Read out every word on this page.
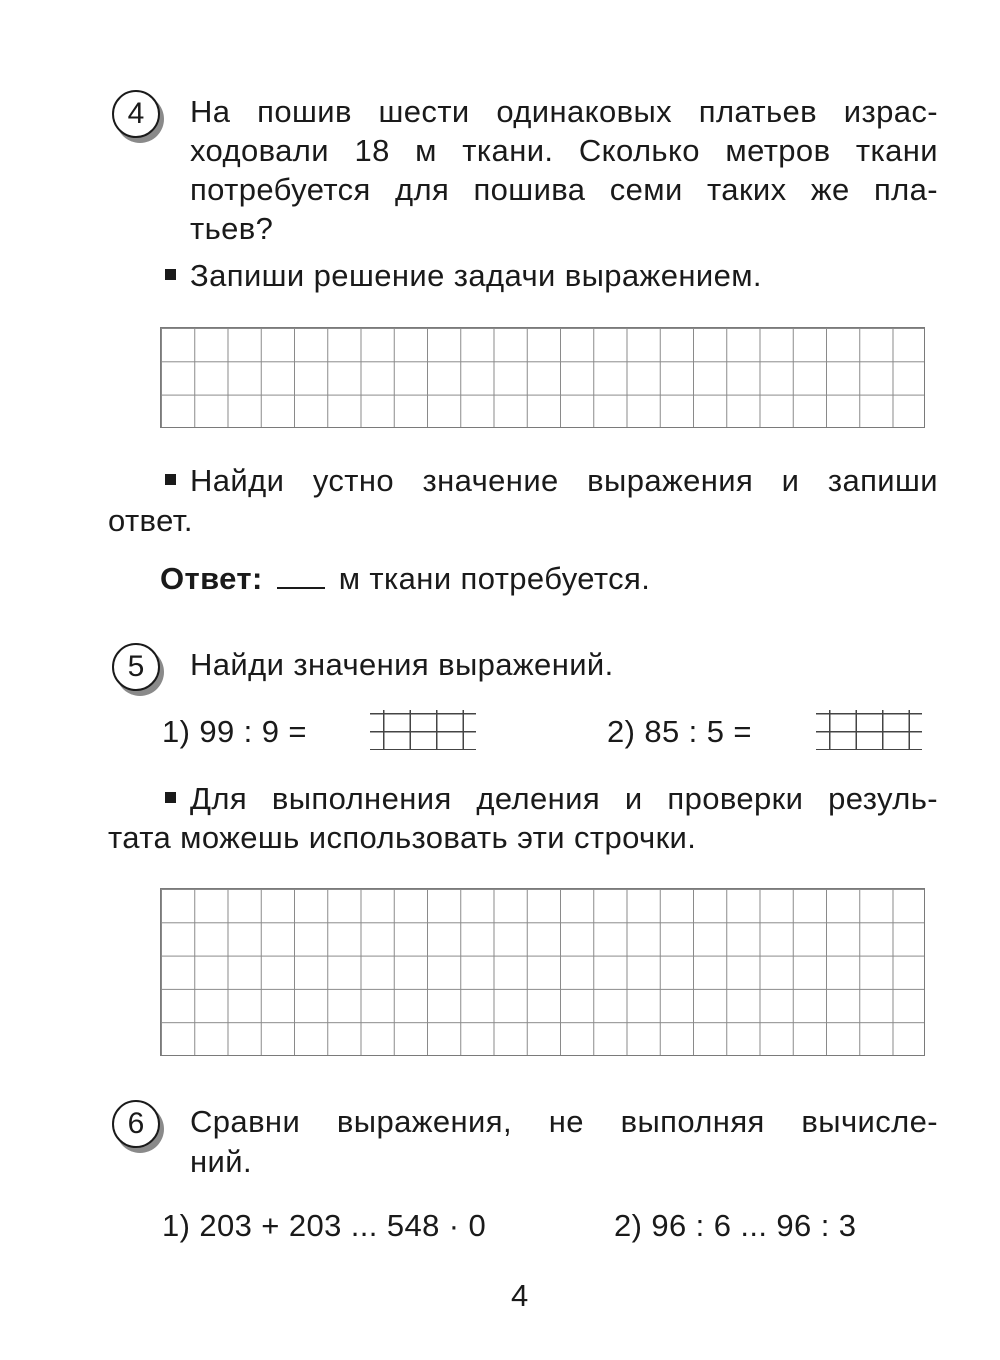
4	На пошив шести одинаковых платьев израс-
ходовали 18 м ткани. Сколько метров ткани
потребуется для пошива семи таких же пла-
тьев?
Запиши решение задачи выражением.
Найди устно значение выражения и запиши
ответ.
Ответ: м ткани потребуется.
5	Найди значения выражений.
1) 99 : 9 =	2) 85 : 5 =
Для выполнения деления и проверки резуль-
тата можешь использовать эти строчки.
6	Сравни выражения, не выполняя вычисле-
ний.
1) 203 + 203 ... 548 · 0	2) 96 : 6 ... 96 : 3
4
